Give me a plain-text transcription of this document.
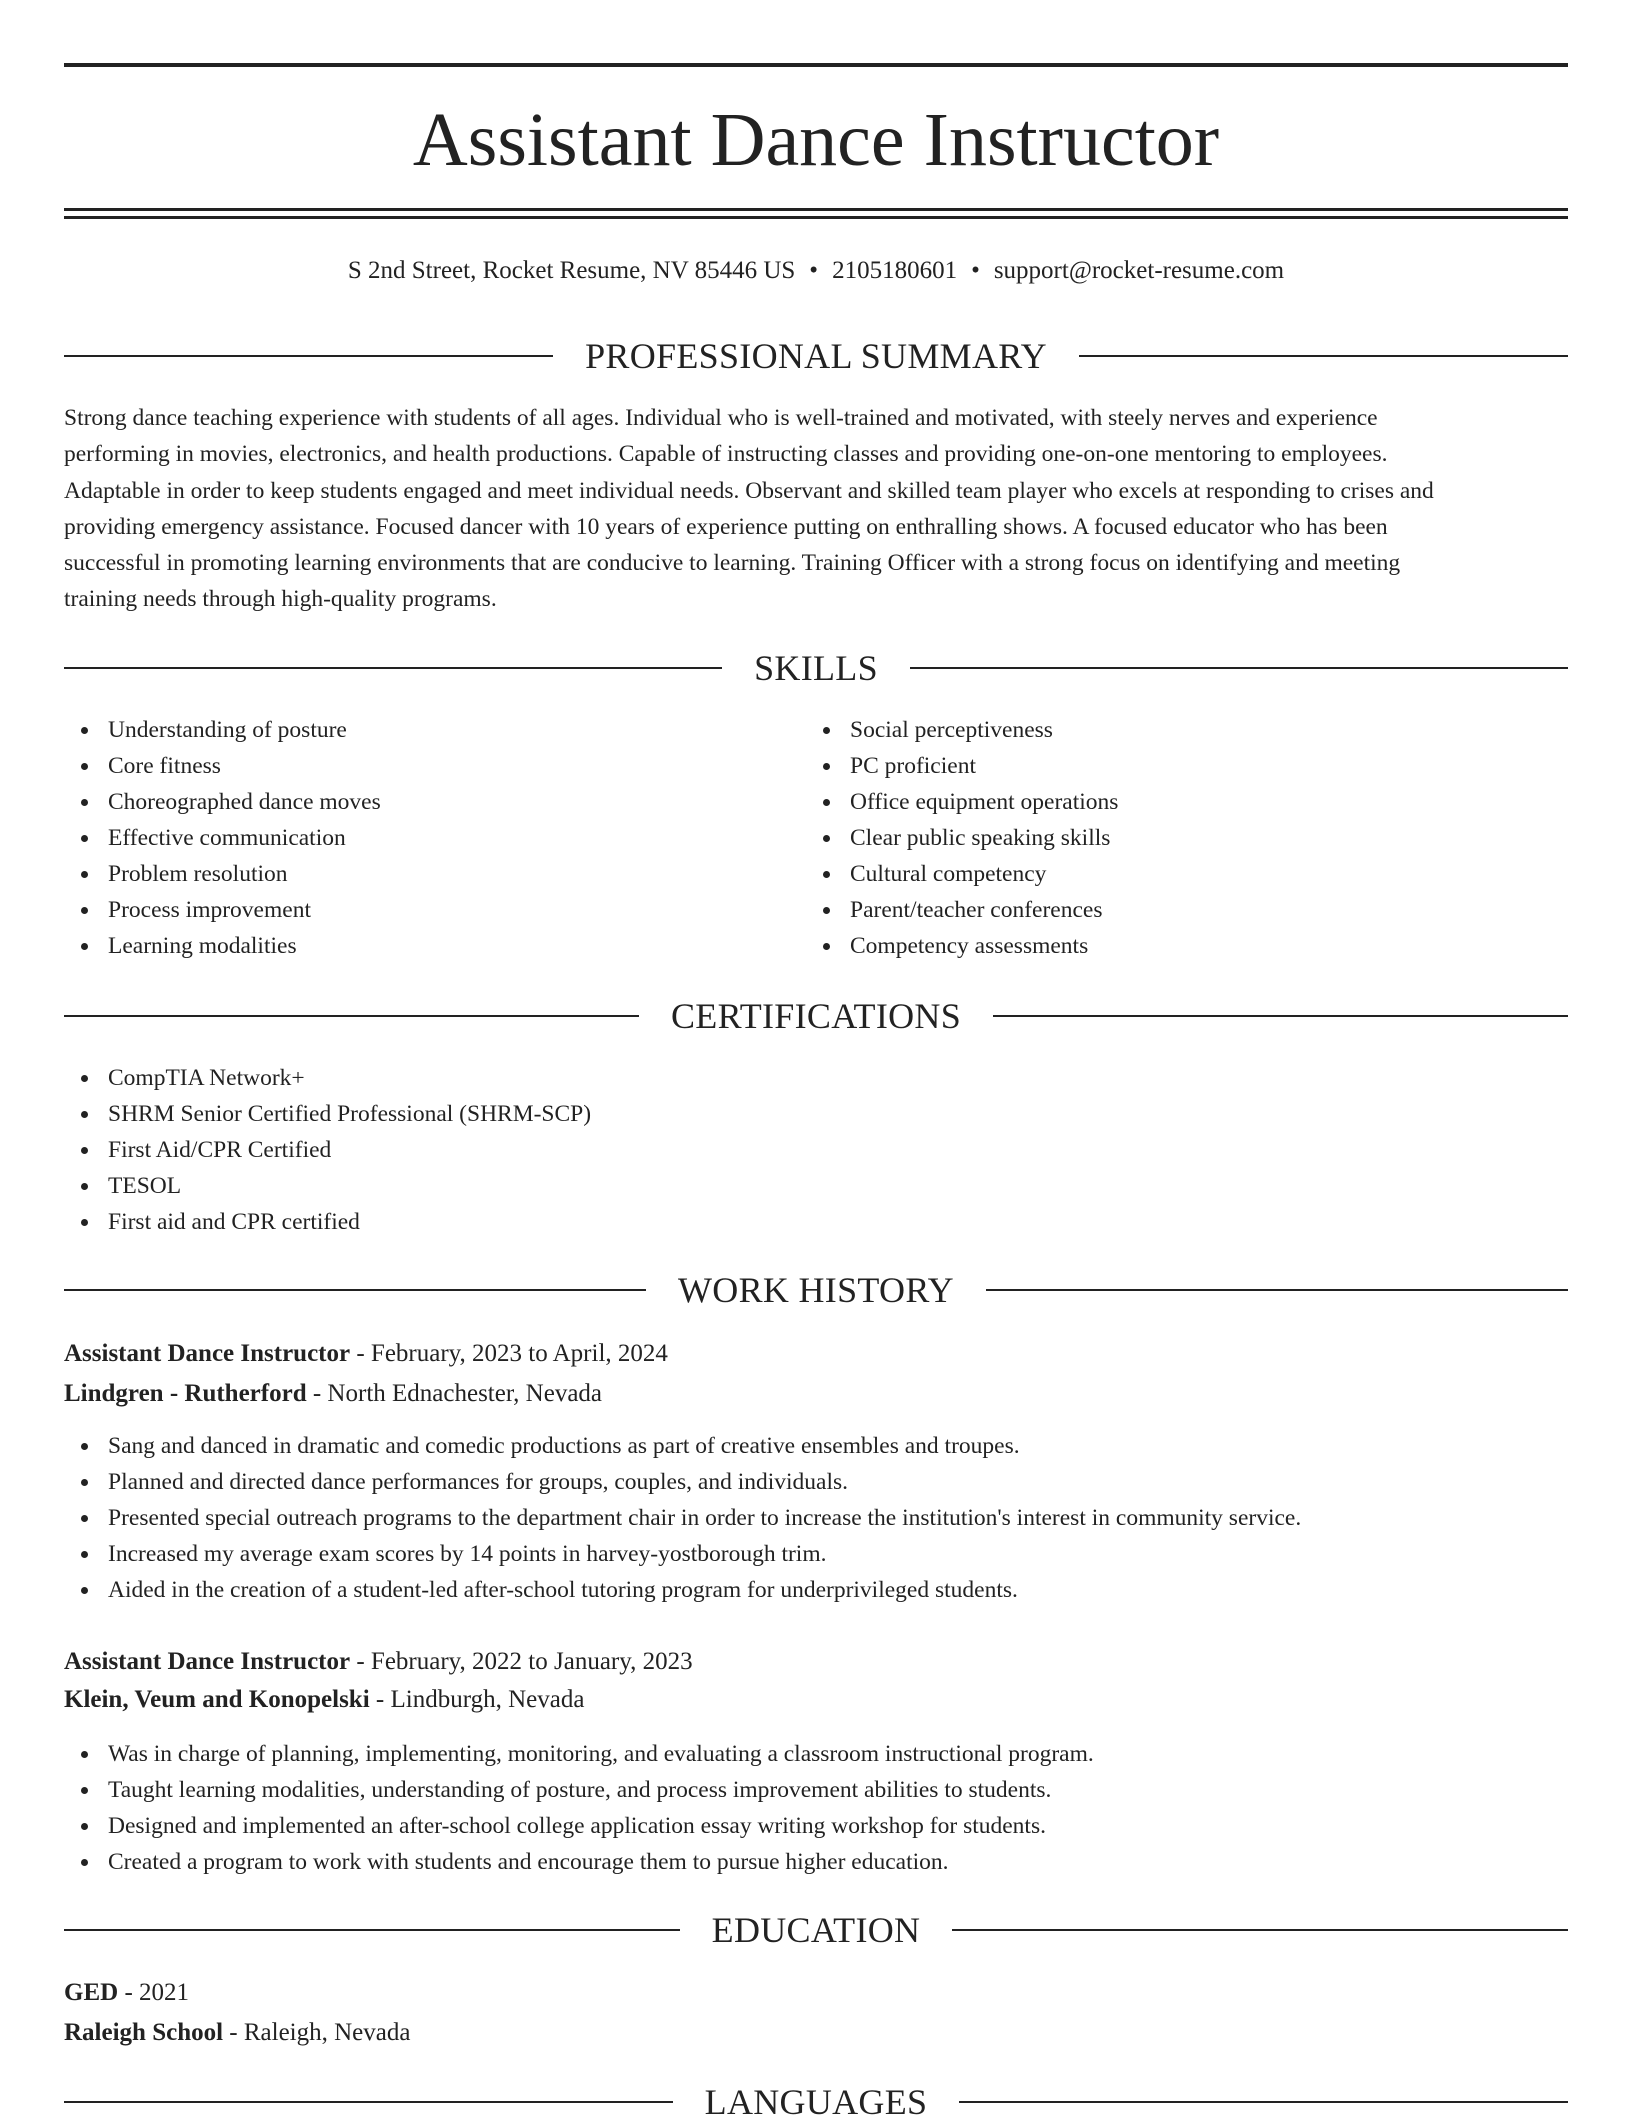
Assistant Dance Instructor
S 2nd Street, Rocket Resume, NV 85446 US • 2105180601 • support@rocket-resume.com
PROFESSIONAL SUMMARY
Strong dance teaching experience with students of all ages. Individual who is well-trained and motivated, with steely nerves and experience
performing in movies, electronics, and health productions. Capable of instructing classes and providing one-on-one mentoring to employees.
Adaptable in order to keep students engaged and meet individual needs. Observant and skilled team player who excels at responding to crises and
providing emergency assistance. Focused dancer with 10 years of experience putting on enthralling shows. A focused educator who has been
successful in promoting learning environments that are conducive to learning. Training Officer with a strong focus on identifying and meeting
training needs through high-quality programs.
SKILLS
Understanding of posture
Core fitness
Choreographed dance moves
Effective communication
Problem resolution
Process improvement
Learning modalities
Social perceptiveness
PC proficient
Office equipment operations
Clear public speaking skills
Cultural competency
Parent/teacher conferences
Competency assessments
CERTIFICATIONS
CompTIA Network+
SHRM Senior Certified Professional (SHRM-SCP)
First Aid/CPR Certified
TESOL
First aid and CPR certified
WORK HISTORY
Assistant Dance Instructor - February, 2023 to April, 2024
Lindgren - Rutherford - North Ednachester, Nevada
Sang and danced in dramatic and comedic productions as part of creative ensembles and troupes.
Planned and directed dance performances for groups, couples, and individuals.
Presented special outreach programs to the department chair in order to increase the institution's interest in community service.
Increased my average exam scores by 14 points in harvey-yostborough trim.
Aided in the creation of a student-led after-school tutoring program for underprivileged students.
Assistant Dance Instructor - February, 2022 to January, 2023
Klein, Veum and Konopelski - Lindburgh, Nevada
Was in charge of planning, implementing, monitoring, and evaluating a classroom instructional program.
Taught learning modalities, understanding of posture, and process improvement abilities to students.
Designed and implemented an after-school college application essay writing workshop for students.
Created a program to work with students and encourage them to pursue higher education.
EDUCATION
GED - 2021
Raleigh School - Raleigh, Nevada
LANGUAGES
